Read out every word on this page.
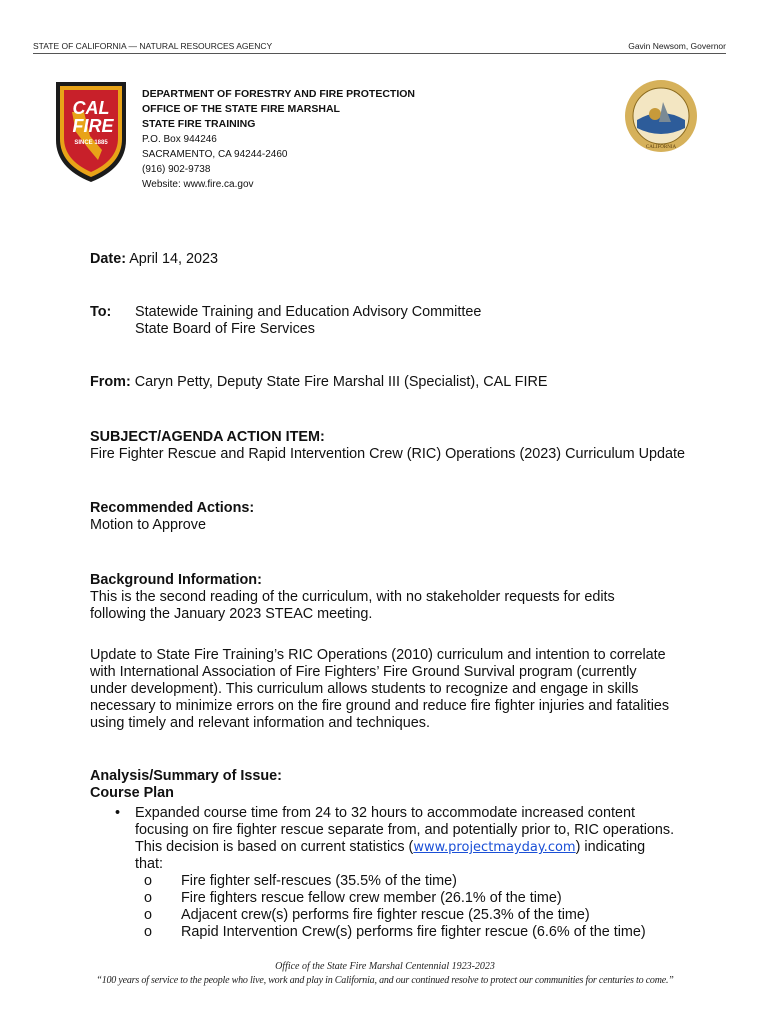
STATE OF CALIFORNIA — NATURAL RESOURCES AGENCY	Gavin Newsom, Governor
CAL
FIRE
SINCE 1885
CALIFORNIA
DEPARTMENT OF FORESTRY AND FIRE PROTECTION
OFFICE OF THE STATE FIRE MARSHAL
STATE FIRE TRAINING
P.O. Box 944246
SACRAMENTO, CA 94244-2460
(916) 902-9738
Website: www.fire.ca.gov
Date: April 14, 2023
To: Statewide Training and Education Advisory Committee
State Board of Fire Services
From: Caryn Petty, Deputy State Fire Marshal III (Specialist), CAL FIRE
SUBJECT/AGENDA ACTION ITEM:
Fire Fighter Rescue and Rapid Intervention Crew (RIC) Operations (2023) Curriculum Update
Recommended Actions:
Motion to Approve
Background Information:
This is the second reading of the curriculum, with no stakeholder requests for edits following the January 2023 STEAC meeting.
Update to State Fire Training’s RIC Operations (2010) curriculum and intention to correlate with International Association of Fire Fighters’ Fire Ground Survival program (currently under development). This curriculum allows students to recognize and engage in skills necessary to minimize errors on the fire ground and reduce fire fighter injuries and fatalities using timely and relevant information and techniques.
Analysis/Summary of Issue:
Course Plan
• Expanded course time from 24 to 32 hours to accommodate increased content focusing on fire fighter rescue separate from, and potentially prior to, RIC operations. This decision is based on current statistics (www.projectmayday.com) indicating that:
o Fire fighter self-rescues (35.5% of the time)
o Fire fighters rescue fellow crew member (26.1% of the time)
o Adjacent crew(s) performs fire fighter rescue (25.3% of the time)
o Rapid Intervention Crew(s) performs fire fighter rescue (6.6% of the time)
Office of the State Fire Marshal Centennial 1923-2023
“100 years of service to the people who live, work and play in California, and our continued resolve to protect our communities for centuries to come.”
